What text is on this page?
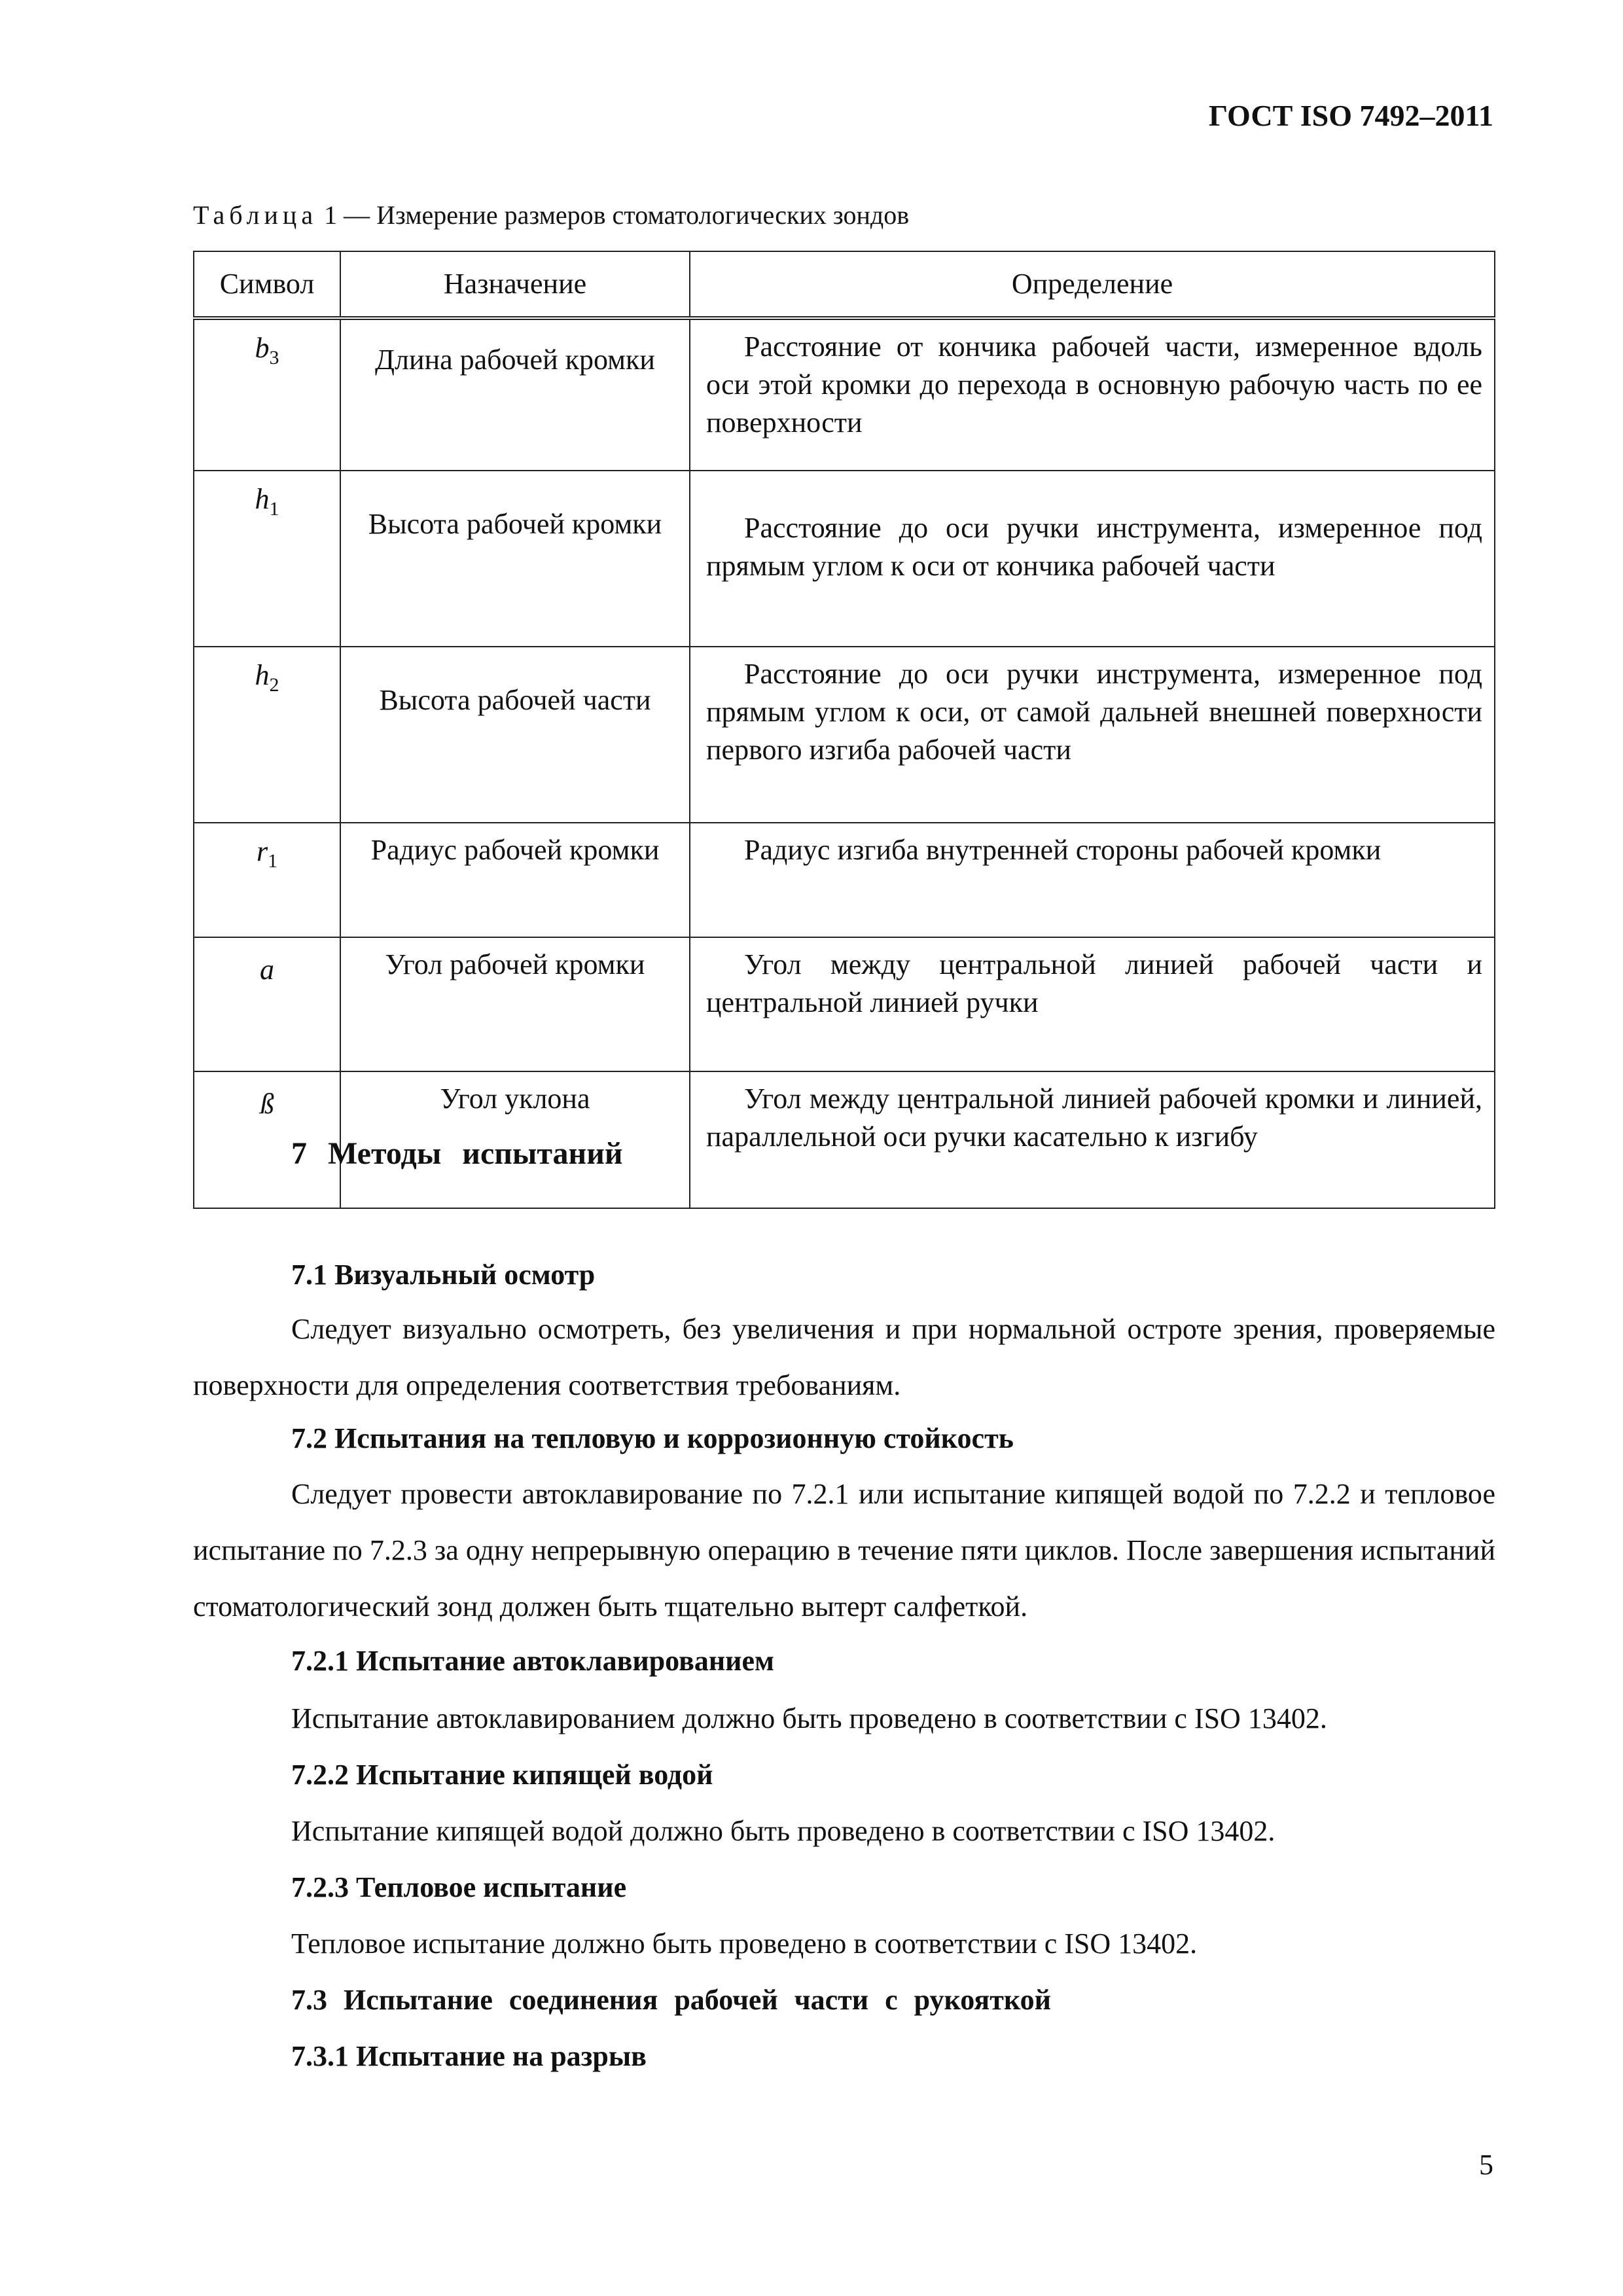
ГОСТ ISO 7492–2011
Таблица 1 — Измерение размеров стоматологических зондов
Символ	Назначение	Определение
$b_3$	Длина рабочей кромки	Расстояние от кончика рабочей части, измеренное вдоль оси этой кромки до перехода в основную рабочую часть по ее поверхности

$h_1$	Высота рабочей кромки	Расстояние до оси ручки инструмента, измеренное под прямым углом к оси от кончика рабочей части

$h_2$	Высота рабочей части	Расстояние до оси ручки инструмента, измеренное под прямым углом к оси, от самой дальней внешней поверхности первого изгиба рабочей части

$r_1$	Радиус рабочей кромки	Радиус изгиба внутренней стороны рабочей кромки

a	Угол рабочей кромки	Угол между центральной линией рабочей части и центральной линией ручки

ß	Угол уклона	Угол между центральной линией рабочей кромки и линией, параллельной оси ручки касательно к изгибу
7 Методы испытаний
7.1 Визуальный осмотр
Следует визуально осмотреть, без увеличения и при нормальной остроте зрения, проверяемые поверхности для определения соответствия требованиям.
7.2 Испытания на тепловую и коррозионную стойкость
Следует провести автоклавирование по 7.2.1 или испытание кипящей водой по 7.2.2 и тепловое испытание по 7.2.3 за одну непрерывную операцию в течение пяти циклов. После завершения испытаний стоматологический зонд должен быть тщательно вытерт салфеткой.
7.2.1 Испытание автоклавированием
Испытание автоклавированием должно быть проведено в соответствии с ISO 13402.
7.2.2 Испытание кипящей водой
Испытание кипящей водой должно быть проведено в соответствии с ISO 13402.
7.2.3 Тепловое испытание
Тепловое испытание должно быть проведено в соответствии с ISO 13402.
7.3 Испытание соединения рабочей части с рукояткой
7.3.1 Испытание на разрыв
5
